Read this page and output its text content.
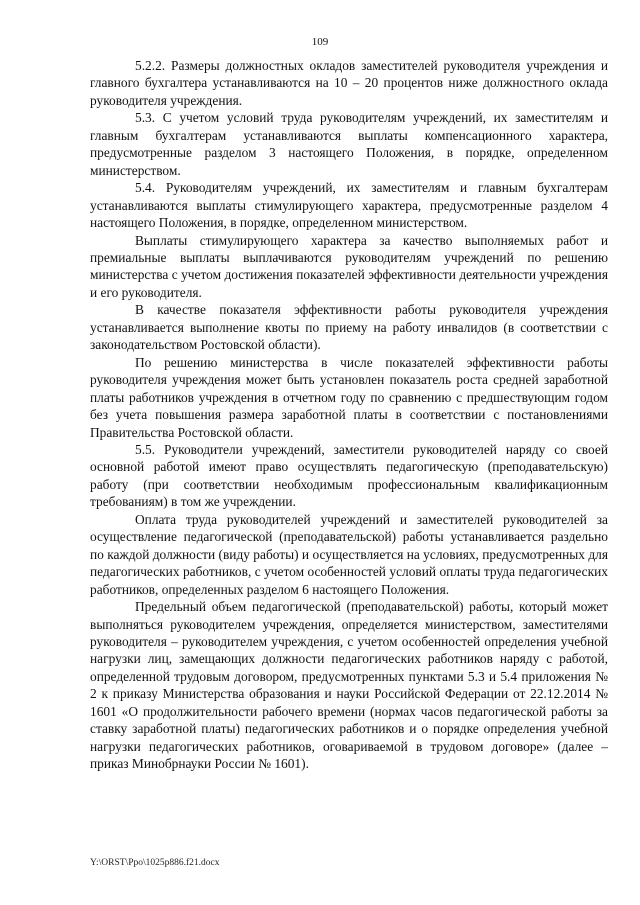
109

5.2.2. Размеры должностных окладов заместителей руководителя учреждения и главного бухгалтера устанавливаются на 10 – 20 процентов ниже должностного оклада руководителя учреждения.

5.3. С учетом условий труда руководителям учреждений, их заместителям и главным бухгалтерам устанавливаются выплаты компенсационного характера, предусмотренные разделом 3 настоящего Положения, в порядке, определенном министерством.

5.4. Руководителям учреждений, их заместителям и главным бухгалтерам устанавливаются выплаты стимулирующего характера, предусмотренные разделом 4 настоящего Положения, в порядке, определенном министерством.

Выплаты стимулирующего характера за качество выполняемых работ и премиальные выплаты выплачиваются руководителям учреждений по решению министерства с учетом достижения показателей эффективности деятельности учреждения и его руководителя.

В качестве показателя эффективности работы руководителя учреждения устанавливается выполнение квоты по приему на работу инвалидов (в соответствии с законодательством Ростовской области).

По решению министерства в числе показателей эффективности работы руководителя учреждения может быть установлен показатель роста средней заработной платы работников учреждения в отчетном году по сравнению с предшествующим годом без учета повышения размера заработной платы в соответствии с постановлениями Правительства Ростовской области.

5.5. Руководители учреждений, заместители руководителей наряду со своей основной работой имеют право осуществлять педагогическую (преподавательскую) работу (при соответствии необходимым профессиональным квалификационным требованиям) в том же учреждении.

Оплата труда руководителей учреждений и заместителей руководителей за осуществление педагогической (преподавательской) работы устанавливается раздельно по каждой должности (виду работы) и осуществляется на условиях, предусмотренных для педагогических работников, с учетом особенностей условий оплаты труда педагогических работников, определенных разделом 6 настоящего Положения.

Предельный объем педагогической (преподавательской) работы, который может выполняться руководителем учреждения, определяется министерством, заместителями руководителя – руководителем учреждения, с учетом особенностей определения учебной нагрузки лиц, замещающих должности педагогических работников наряду с работой, определенной трудовым договором, предусмотренных пунктами 5.3 и 5.4 приложения № 2 к приказу Министерства образования и науки Российской Федерации от 22.12.2014 № 1601 «О продолжительности рабочего времени (нормах часов педагогической работы за ставку заработной платы) педагогических работников и о порядке определения учебной нагрузки педагогических работников, оговариваемой в трудовом договоре» (далее – приказ Минобрнауки России № 1601).

Y:\ORST\Ppo\1025p886.f21.docx
